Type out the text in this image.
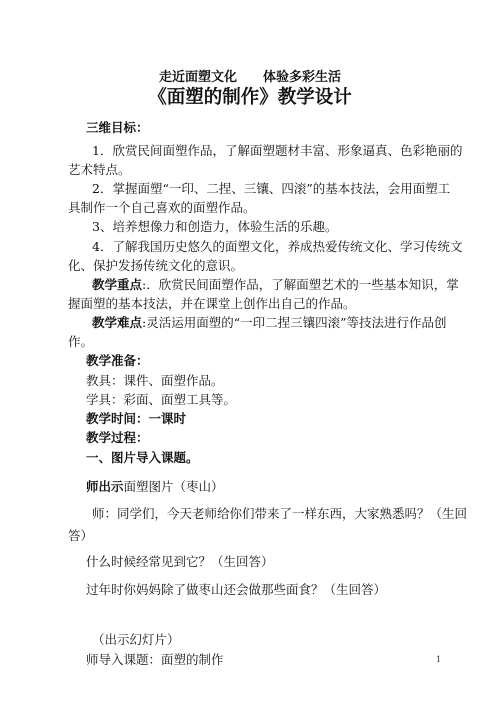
走近面塑文化　　体验多彩生活
《面塑的制作》教学设计
三维目标：
1．欣赏民间面塑作品，了解面塑题材丰富、形象逼真、色彩艳丽的
艺术特点。
2．掌握面塑“一印、二捏、三镶、四滚”的基本技法，会用面塑工
具制作一个自己喜欢的面塑作品。
3、培养想像力和创造力，体验生活的乐趣。
4．了解我国历史悠久的面塑文化，养成热爱传统文化、学习传统文
化、保护发扬传统文化的意识。
教学重点:．欣赏民间面塑作品，了解面塑艺术的一些基本知识，掌
握面塑的基本技法，并在课堂上创作出自己的作品。
教学难点:灵活运用面塑的“一印二捏三镶四滚”等技法进行作品创
作。
教学准备：
教具：课件、面塑作品。
学具：彩面、面塑工具等。
教学时间：一课时
教学过程：
一、图片导入课题。
师出示面塑图片（枣山）
师：同学们，今天老师给你们带来了一样东西，大家熟悉吗？（生回
答）
什么时候经常见到它？（生回答）
过年时你妈妈除了做枣山还会做那些面食？（生回答）
（出示幻灯片）
师导入课题：面塑的制作	1
